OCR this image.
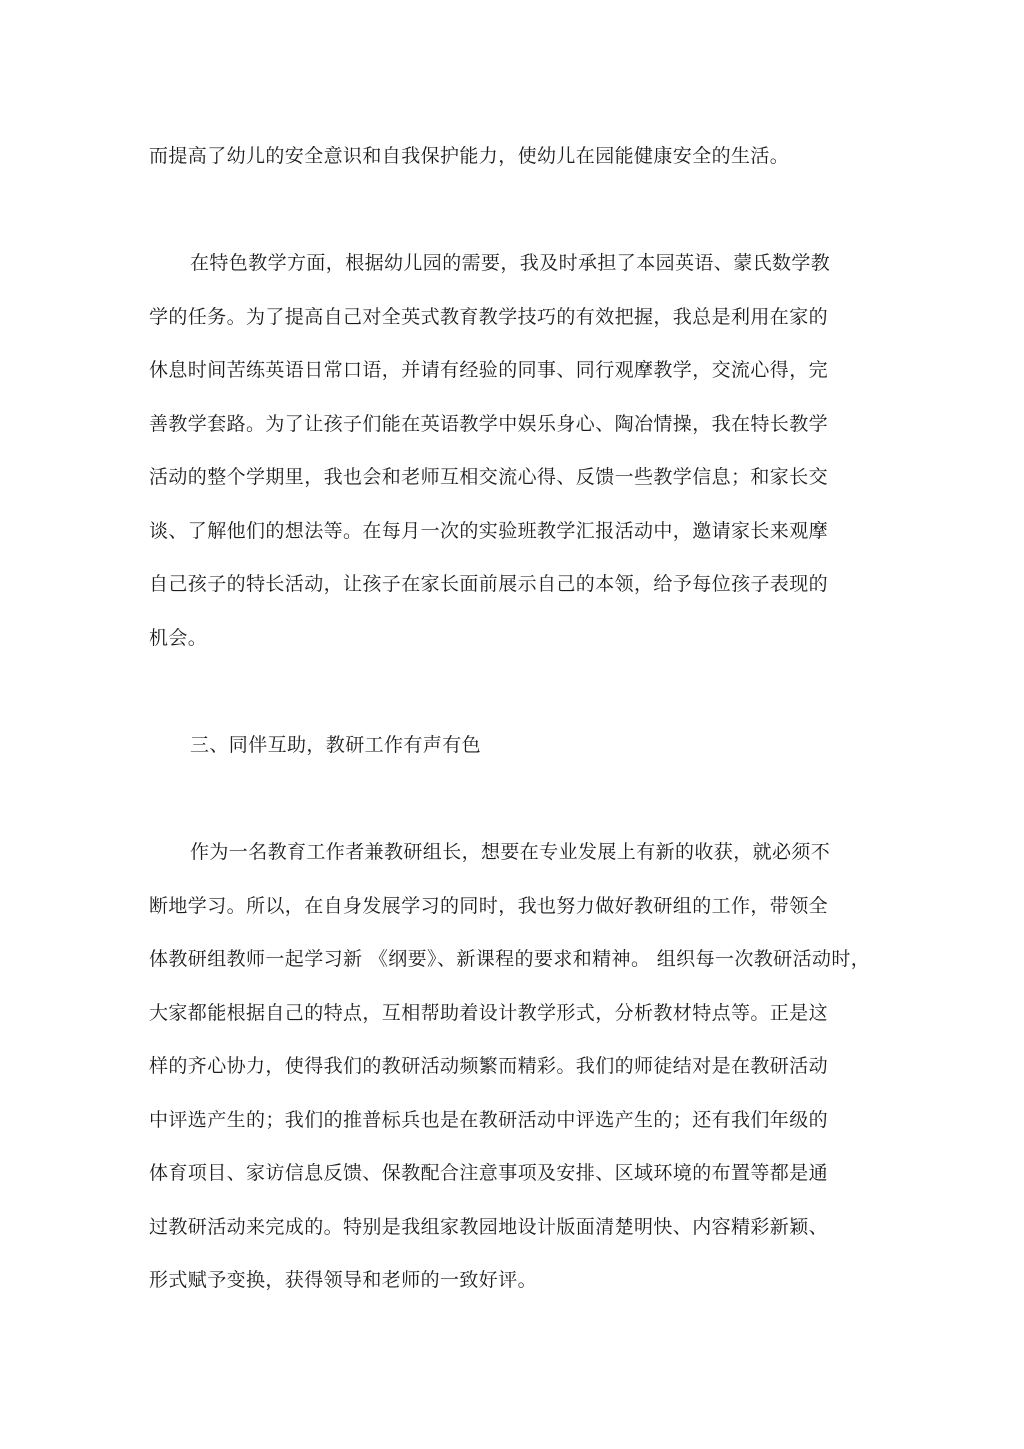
而提高了幼儿的安全意识和自我保护能力，使幼儿在园能健康安全的生活。
在特色教学方面，根据幼儿园的需要，我及时承担了本园英语、蒙氏数学教
学的任务。为了提高自己对全英式教育教学技巧的有效把握，我总是利用在家的
休息时间苦练英语日常口语，并请有经验的同事、同行观摩教学，交流心得，完
善教学套路。为了让孩子们能在英语教学中娱乐身心、陶冶情操，我在特长教学
活动的整个学期里，我也会和老师互相交流心得、反馈一些教学信息；和家长交
谈、了解他们的想法等。在每月一次的实验班教学汇报活动中，邀请家长来观摩
自己孩子的特长活动，让孩子在家长面前展示自己的本领，给予每位孩子表现的
机会。
三、同伴互助，教研工作有声有色
作为一名教育工作者兼教研组长，想要在专业发展上有新的收获，就必须不
断地学习。所以，在自身发展学习的同时，我也努力做好教研组的工作，带领全
体教研组教师一起学习新 《纲要》、新课程的要求和精神。 组织每一次教研活动时，
大家都能根据自己的特点，互相帮助着设计教学形式，分析教材特点等。正是这
样的齐心协力，使得我们的教研活动频繁而精彩。我们的师徒结对是在教研活动
中评选产生的；我们的推普标兵也是在教研活动中评选产生的；还有我们年级的
体育项目、家访信息反馈、保教配合注意事项及安排、区域环境的布置等都是通
过教研活动来完成的。特别是我组家教园地设计版面清楚明快、内容精彩新颖、
形式赋予变换，获得领导和老师的一致好评。
